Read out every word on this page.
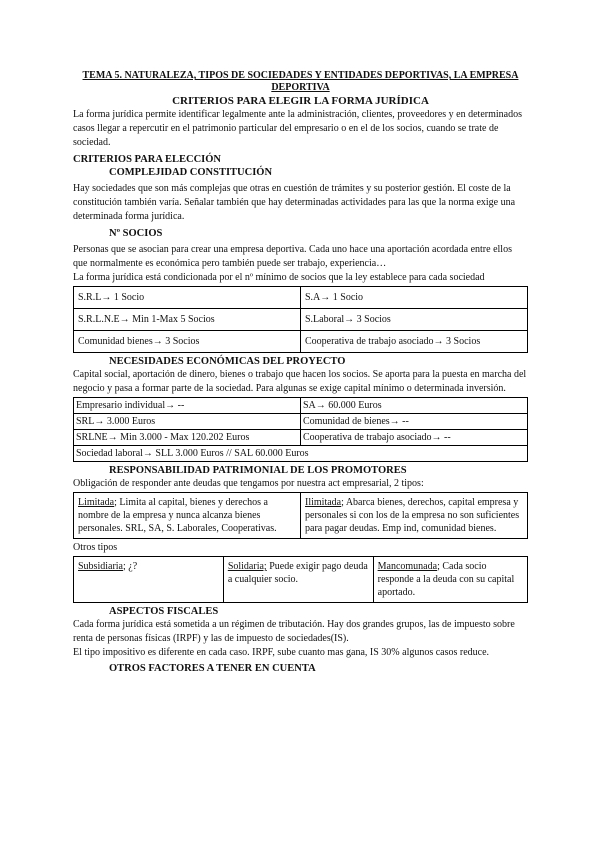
TEMA 5. NATURALEZA, TIPOS DE SOCIEDADES Y ENTIDADES DEPORTIVAS, LA EMPRESA DEPORTIVA

CRITERIOS PARA ELEGIR LA FORMA JURÍDICA

La forma jurídica permite identificar legalmente ante la administración, clientes, proveedores y en determinados casos llegar a repercutir en el patrimonio particular del empresario o en el de los socios, cuando se trate de sociedad.

CRITERIOS PARA ELECCIÓN

COMPLEJIDAD CONSTITUCIÓN

Hay sociedades que son más complejas que otras en cuestión de trámites y su posterior gestión. El coste de la constitución también varía. Señalar también que hay determinadas actividades para las que la norma exige una determinada forma jurídica.

Nº SOCIOS

Personas que se asocian para crear una empresa deportiva. Cada uno hace una aportación acordada entre ellos que normalmente es económica pero también puede ser trabajo, experiencia…

La forma jurídica está condicionada por el nº mínimo de socios que la ley establece para cada sociedad

S.R.L→ 1 Socio	S.A→ 1 Socio
S.R.L.N.E→ Min 1-Max 5 Socios	S.Laboral→ 3 Socios
Comunidad bienes→ 3 Socios	Cooperativa de trabajo asociado→ 3 Socios

NECESIDADES ECONÓMICAS DEL PROYECTO

Capital social, aportación de dinero, bienes o trabajo que hacen los socios. Se aporta para la puesta en marcha del negocio y pasa a formar parte de la sociedad. Para algunas se exige capital mínimo o determinada inversión.

Empresario individual→ --	SA→ 60.000 Euros
SRL→ 3.000 Euros	Comunidad de bienes→ --
SRLNE→ Min 3.000 - Max 120.202 Euros	Cooperativa de trabajo asociado→ --
Sociedad laboral→ SLL 3.000 Euros // SAL 60.000 Euros	

RESPONSABILIDAD PATRIMONIAL DE LOS PROMOTORES

Obligación de responder ante deudas que tengamos por nuestra act empresarial, 2 tipos:

Limitada; Limita al capital, bienes y derechos a nombre de la empresa y nunca alcanza bienes personales. SRL, SA, S. Laborales, Cooperativas.	Ilimitada; Abarca bienes, derechos, capital empresa y personales si con los de la empresa no son suficientes para pagar deudas. Emp ind, comunidad bienes.

Otros tipos

Subsidiaria; ¿?	Solidaria; Puede exigir pago deuda a cualquier socio.	Mancomunada; Cada socio responde a la deuda con su capital aportado.

ASPECTOS FISCALES

Cada forma jurídica está sometida a un régimen de tributación. Hay dos grandes grupos, las de impuesto sobre renta de personas físicas (IRPF) y las de impuesto de sociedades(IS).

El tipo impositivo es diferente en cada caso. IRPF, sube cuanto mas gana, IS 30% algunos casos reduce.

OTROS FACTORES A TENER EN CUENTA
